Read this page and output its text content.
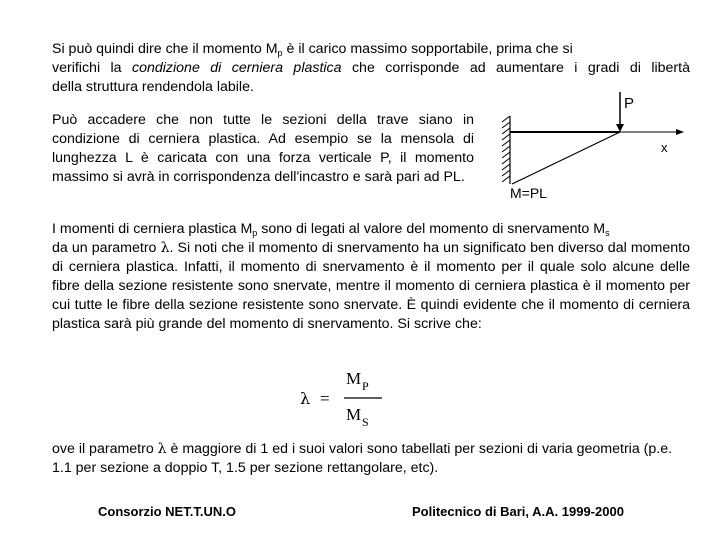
Si può quindi dire che il momento $M_p$ è il carico massimo sopportabile, prima che si
verifichi la condizione di cerniera plastica che corrisponde ad aumentare i gradi di libertà
della struttura rendendola labile.
Può accadere che non tutte le sezioni della trave siano in condizione di cerniera plastica. Ad esempio se la mensola di lunghezza L è caricata con una forza verticale P, il momento massimo si avrà in corrispondenza dell'incastro e sarà pari ad PL.
P
x
M=PL
I momenti di cerniera plastica $M_p$ sono di legati al valore del momento di snervamento $M_s$
da un parametro λ. Si noti che il momento di snervamento ha un significato ben diverso dal momento di cerniera plastica. Infatti, il momento di snervamento è il momento per il quale solo alcune delle fibre della sezione resistente sono snervate, mentre il momento di cerniera plastica è il momento per cui tutte le fibre della sezione resistente sono snervate. È quindi evidente che il momento di cerniera plastica sarà più grande del momento di snervamento. Si scrive che:
λ =
M P
M S
ove il parametro λ è maggiore di 1 ed i suoi valori sono tabellati per sezioni di varia geometria (p.e. 1.1 per sezione a doppio T, 1.5 per sezione rettangolare, etc).
Consorzio NET.T.UN.O	Politecnico di Bari, A.A. 1999-2000
